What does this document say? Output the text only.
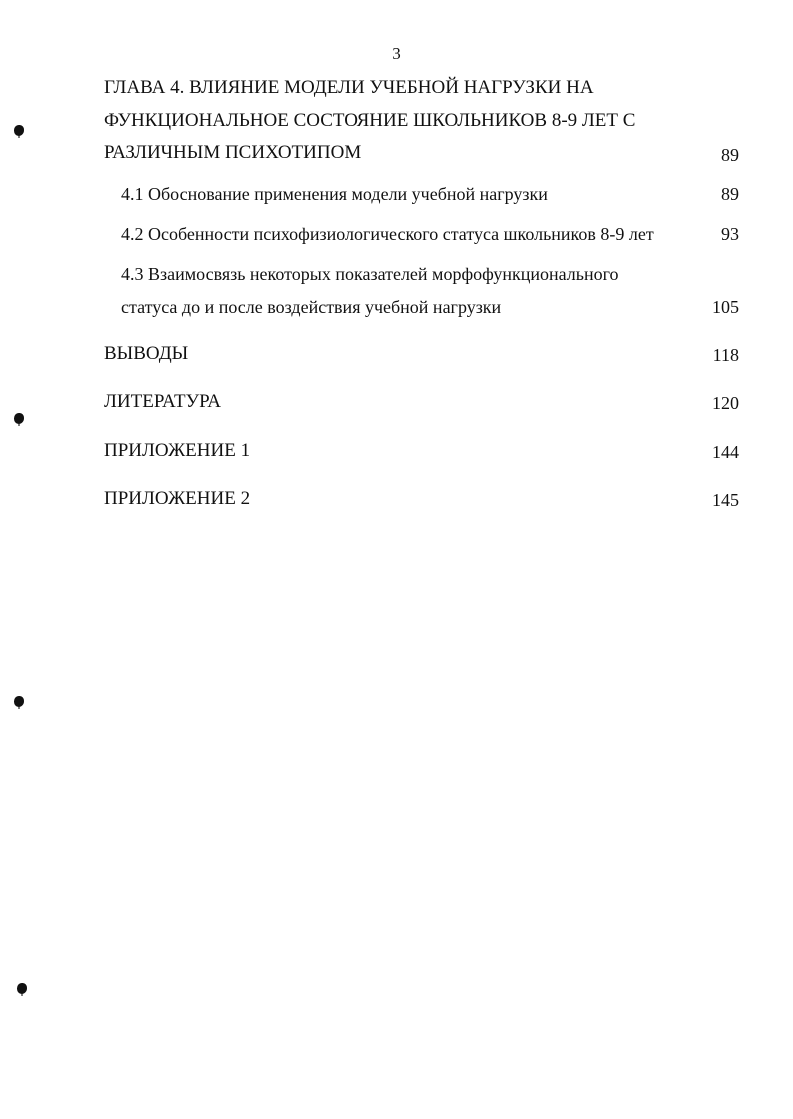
3
ГЛАВА 4. ВЛИЯНИЕ МОДЕЛИ УЧЕБНОЙ НАГРУЗКИ НА
ФУНКЦИОНАЛЬНОЕ СОСТОЯНИЕ ШКОЛЬНИКОВ 8-9 ЛЕТ С
РАЗЛИЧНЫМ ПСИХОТИПОМ	89
4.1 Обоснование применения модели учебной нагрузки	89
4.2 Особенности психофизиологического статуса школьников 8-9 лет	93
4.3 Взаимосвязь некоторых показателей морфофункционального
статуса до и после воздействия учебной нагрузки	105
ВЫВОДЫ	118
ЛИТЕРАТУРА	120
ПРИЛОЖЕНИЕ 1	144
ПРИЛОЖЕНИЕ 2	145
